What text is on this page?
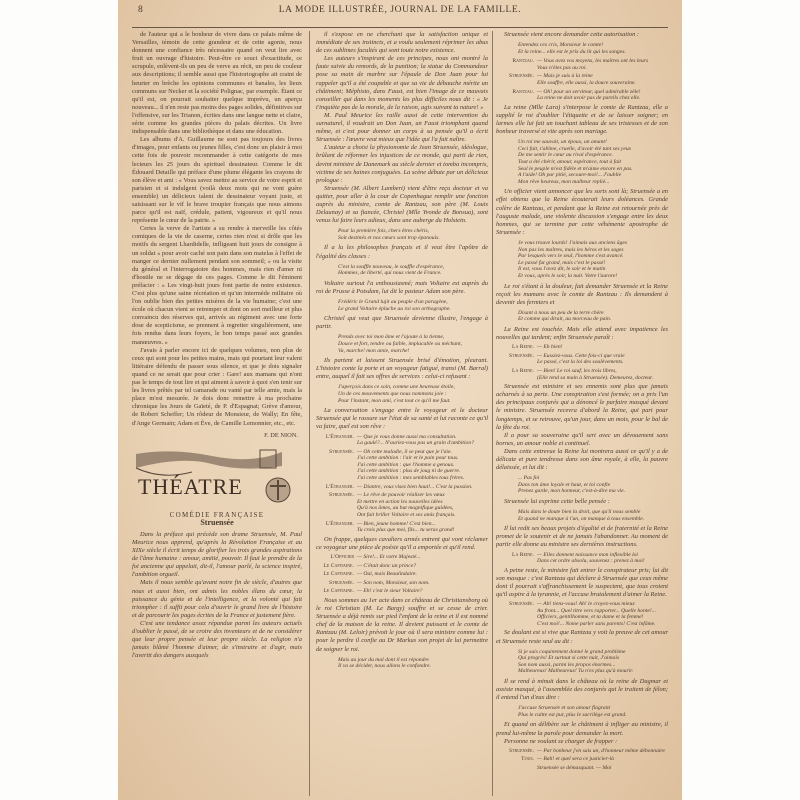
8	LA MODE ILLUSTRÉE, JOURNAL DE LA FAMILLE.

de l'auteur qui a le bonheur de vivre dans ce palais même de Versailles, témoin de cette grandeur et de cette agonie, nous donnent une confiance très nécessaire quand on veut lire avec fruit un ouvrage d'histoire. Peut-être ce souci d'exactitude, ce scrupule, enlèvent-ils un peu de verve au récit, un peu de couleur aux descriptions; il semble aussi que l'historiographe ait craint de heurter en brèche les opinions communes et banales, les lieux communs sur Necker et la société Polignac, par exemple. Étant ce qu'il est, on pourrait souhaiter quelque imprévu, un aperçu nouveau... il n'en reste pas moins des pages solides, définitives sur l'offensive, sur les Trianon, écrites dans une langue nette et claire, série comme les grandes pièces du palais décrites. Un livre indispensable dans une bibliothèque et dans une éducation.

Les albums d'A. Guillaume ne sont pas toujours des livres d'images, pour enfants ou jeunes filles, c'est donc un plaisir à moi cette fois de pouvoir recommander à cette catégorie de mes lecteurs les 25 jours du spirituel dessinateur. Comme le dit Édouard Detaille qui préface d'une plume élégante les crayons de son élève et ami : « Vous savez mettre au service de votre esprit et parisien et si indulgent (voilà deux mots qui ne vont guère ensemble) un délicieux talent de dessinateur voyant juste, et saisissant sur le vif le brave troupier français que nous aimons parce qu'il est naïf, crédule, patient, vigoureux et qu'il nous représente le cœur de la patrie. »

Certes la verve de l'artiste a su rendre à merveille les côtés comiques de la vie de caserne, certes rien n'est si drôle que les motifs du sergent Lhardidelle, infligeant huit jours de consigne à un soldat « pour avoir caché son pain dans son matelas à l'effet de manger ce dernier nullement pendant son sommeil; » ou la visite du général et l'interrogatoire des hommes, mais rien d'amer ni d'hostile ne se dégage de ces pages. Comme le dit l'éminent préfacier : « Les vingt-huit jours font partie de notre existence. C'est plus qu'une saine récréation et qu'un intermède militaire où l'on oublie bien des petites misères de la vie humaine; c'est une école où chacun vient se retremper et dont on sort meilleur et plus convaincu des réserves qui, arrivés au régiment avec une forte dose de scepticisme, se prennent à regretter singulièrement, une fois rendus dans leurs foyers, le bon temps passé aux grandes manœuvres. »

J'avais à parler encore ici de quelques volumes, non plus de ceux qui sont pour les petites mains, mais qui pourtant leur valent littéraire défendu de passer sous silence, et que je dois signaler quand ce ne serait que pour crier : Gare! aux mamans qui n'ont pas le temps de tout lire et qui aiment à savoir à quoi s'en tenir sur les livres prêtés par tel camarade ou vanté par telle amie, mais la place m'est mesurée. Je dois donc remettre à ma prochaine chronique les Jours de Gaïeté, de P. d'Espagnat; Grève d'amour, de Robert Scheffer; Un rôdeur de Monsieur, de Wally; En fête, d'Ange Germain; Adam et Ève, de Camille Lemonnier, etc., etc.

F. DE NION.

THÉATRE

COMÉDIE FRANÇAISE

Struensée

Dans la préface qui précède son drame Struensée, M. Paul Meurice nous apprend, qu'après la Révolution Française et au XIXe siècle il écrit temps de glorifier les trois grandes aspirations de l'âme humaine : amour, amitié, pouvoir. Il faut le prendre de la foi ancienne qui appelait, dit-il, l'amour parlé, la science inspiré, l'ambition orgueil.

Mais il nous semble qu'avant notre fin de siècle, d'autres que nous et aussi bien, ont admis les nobles élans du cœur, la puissance du génie et de l'intelligence, et la volonté qui fait triompher : il suffit pour cela d'ouvrir le grand livre de l'histoire et de parcourir les pages écrites de la France et justement fière.

C'est une tendance assez répandue parmi les auteurs actuels d'oublier le passé, de se croire des inventeurs et de ne considérer que leur propre pensée et leur propre siècle. La religion n'a jamais blâmé l'homme d'aimer, de s'instruire et d'agir, mais l'avertit des dangers auxquels

il s'expose en ne cherchant que la satisfaction unique et immédiate de ses instincts, et a voulu seulement réprimer les abus de ces sublimes facultés qui sont toute notre existence.

Les auteurs s'inspirant de ces principes, nous ont montré la faute suivie du remords, de la punition; la statue du Commandeur pose sa main de marbre sur l'épaule de Don Juan pour lui rappeler qu'il a été coupable et que sa vie de débauche mérite un châtiment; Méphisto, dans Faust, est bien l'image de ce mauvais conseiller qui dans les moments les plus difficiles nous dit : « Je t'inquiète pas de la morale, de la raison, agis suivant ta nature! »

M. Paul Meurice les raille aussi de cette intervention du surnaturel, il voudrait un Don Juan, un Faust triomphant quand même, et c'est pour donner un corps à sa pensée qu'il a écrit Struensée : l'œuvre veut mieux que l'idée qui l'a fait naître.

L'auteur a choisi la physionomie de Jean Struensée, idéologue, brûlant de réformer les injustices de ce monde, qui parti de rien, devint ministre de Danemark au siècle dernier et tomba incompris, victime de ses haines conjuguées. La scène débute par un délicieux prologue :

Struensée (M. Albert Lambert) vient d'être reçu docteur et va quitter, pour aller à la cour de Copenhague remplir une fonction auprès du ministre, comte de Rantzau, son père (M. Louis Delaunay) et sa fiancée, Christel (Mlle Yvonde de Bonsua), sont venus lui faire leurs adieux, dans une auberge du Holstein.

Pour la première fois, chers êtres chéris,
Soit destinés et nos cœurs sont trop épanouis.

Il a lu les philosophes français et il veut être l'apôtre de l'égalité des classes :

C'est la souffle nouveau, le souffle d'espérance,
Hommes, de liberté, qui nous vient de France.

Voltaire surtout l'a enthousiasmé; mais Voltaire est auprès du roi de Prusse à Potsdam, lui dit le pasteur Adam son père.

Frédéric le Grand lujit au peuple d'un paragène,
Le grand Voltaire épluche au roi son orthographe.

Christel qui veut que Struensée devienne illustre, l'engage à partir.

Prends avec toi mon âme et l'ajoute à la tienne,
Douce et fort, tendre ou faible, implacable ou méchant,
Va, marche! mon amie, marche!

Ils partent et laissent Struensée brisé d'émotion, pleurant. L'histoire conte la porte et un voyageur fatigué, transi (M. Barral) entre, auquel il fait ses offres de services : celui-ci refusant :

J'aperçois dans ce soin, comme une heureuse étoile,
Un de ces mouvements que nous nommons joie :
Pour l'instant, mon ami, c'est tout ce qu'il me faut.

La conversation s'engage entre le voyageur et le docteur Struensée qui le rassure sur l'état de sa santé et lui raconte ce qu'il va faire, quel est son rêve :

L'Étranger. — Que je vous donne aussi ma consultation.
La gaulé?... N'auriez-vous pas un grain d'ambition?
Struensée. — Oh cette maladie, il se peut que je l'aie.
J'ai cette ambition : l'air et le pain pour tous.
J'ai cette ambition : que l'homme a genoux.
J'ai cette ambition : plus de joug ni de guerre.
J'ai cette ambition : mes semblables tous frères.
L'Étranger. — Diantre, vous visez bien haut!... C'est la passion.
Struensée. — Le rêve de pouvoir réaliser les vœux
Et mettre en action les nouvelles idées
Qu'à nos âmes, au but magnifique guidées,
Ont fait briller Voltaire et ses amis français.
L'Étranger. — Bien, jeune homme! C'est bien...
Tu crois plus que moi, fils... tu seras grand!

On frappe, quelques cavaliers armés entrent qui vont réclamer ce voyageur une pièce de poésie qu'il a emportée et qu'il rend.

L'Officier — Sire!... Et votre Majesté...
Le Capitaine. — C'était donc un prince?
Le Capitaine. — Oui, mais Beaulindaire.
Struensée. — Son nom, Monsieur, son nom.
Le Capitaine. — Eh! c'est le sieur Voltaire?

Nous sommes au 1er acte dans ce château de Christiansborg où le roi Christian (M. Le Bargy) souffre et se cesse de crier. Struensée a déjà remis sur pied l'enfant de la reine et il est nommé chef de la maison de la reine. Il devient puissant et le comte de Rantzau (M. Leloir) prévoit le jour où il sera ministre comme lui : pour le perdre il confie au Dr Markus son projet de lui permettre de soigner le roi.

Mais au jour du mal dont il est répondre
Il va se décider, nous allons le confondre.

Struensée vient encore demander cette autorisation :

Entendez ces cris, Monsieur le comte!
Et la reine... elle est le prix du lit qui les songes.
Rantzau. — Vous avez vos moyens, les maîtres ont les leurs
Vous n'êtes pas au roi.
Struensée. — Mais je suis à la reine
Elle souffre, elle aussi, la douce souveraine.
Rantzau. — Oh! pour un serviteur, quel admirable zèle!
La reine ne doit avoir pas de pareils chez elle.

La reine (Mlle Lara) s'interpose le comte de Rantzau, elle a supplié le roi d'oublier l'étiquette et de se laisser soigner; en larmes elle lui fait un touchant tableau de ses tristesses et de son bonheur traversé et vite après son mariage.

Un roi me sauvait, un époux, un amant!
Ceci fait, t'abîme, cruelle, d'avoir été tant ses yeux
De me sentir le cœur au rival d'espérance.
Tout a été chérir, amour, espérance, tout à fait
Seul le peuple m'est fidèle et m'aime encore en pas.
A l'aide! Oh par pitié, secoure-moi!... J'oublie
Mon rêve heureux, mon malheur replié...

Un officier vient annoncer que les sorts sont là; Struensée a en effet obtenu que la Reine écouterait leurs doléances. Grande colère de Rantzau, et pendant que la Reine est retournée près de l'auguste malade, une violente discussion s'engage entre les deux hommes, qui se termine par cette véhémente apostrophe de Struensée :

Je vous trouve lourds! J'aimais aux anciens âges
Non pas les maîtres, mais les héros et les sages
Par lesquels vers le seul, l'homme s'est avancé.
Le passé fut grand, mais c'est le passé!
Il est, vous l'avez dit, le soir et le matin
Et vous, après le soir, la nuit. Votre l'aurore!

Le roi s'étant à la douleur, fait demander Struensée et la Reine reçoit les mamans avec le comte de Rantzau : Ils demandent à devenir des fermiers et

Disant à nous un peu de la terre chère
Et comme qui dirait, au morceau de pain.

La Reine est touchée. Mais elle attend avec impatience les nouvelles qui tardent; enfin Struensée paraît :

La Reine. — Eh bien!
Struensée. — Eussiez-vous. Cette fois-ci que vraie
Le passé, c'est la loi des soulèvements.
La Reine. — Bien! Le roi sauf, les trois libres,
(Elle tend sa main à Struensée). Demeurez, docteur.

Struensée est ministre et ses ennemis sont plus que jamais acharnés à sa perte. Une conspiration s'est formée; on a pris l'un des principaux conjurés qui a dénoncé le parfaire masqué devant le ministre. Struensée recevra d'abord la Reine, qui part pour longtemps, et se retrouve, qu'un jour, dans un mois, pour le bal de la fête du roi.

Il a pour sa souveraine qu'il sert avec un dévouement sans bornes, un amour noble et continuel.

Dans cette entrevue la Reine lui montrera aussi ce qu'il y a de délicate et pure tendresse dans son âme royale, à elle, la pauvre délaissée, et lui dit :

... Pas foi
Dans ton âme loyale et haut, et loi confie
Prenez garde, mon honneur, c'est-à-dire ma vie.

Struensée lui exprime cette belle pensée :

Mais dans le doute bien la droit, que qu'il nous semble
Et quand ne manque à l'un, on manque à tous ensemble.

Il lui redit ses beaux projets d'égalité et de fraternité et la Reine promet de le soutenir et de ne jamais l'abandonner. Au moment de partir elle donne au ministre ses dernières instructions.

La Reine. — Elles donnent naissance mon inflexible loi
Dans cet ordre absolu, souvenez : prenez à moi!

A peine reste, le ministre fait entrer le conspirateur pris; lui dit son masque : c'est Rantzau qui déclare à Struensée que ceux même dont il pourrait s'affranchissement le suspectent, que tous croient qu'il aspire à la tyrannie, et l'accuse brutalement d'aimer la Reine.

Struensée. — Ah! tiens-vous! Ah! le croyez-vous mieux
Au front... Quel titre vers rapporter... Quelle honte!...
Officiers, gentilhomme, et ta dame et la femme!
C'est moi!... Nome parler sans parents! C'est infâme.

Se doulant est si vive que Rantzau y voit la preuve de cet amour et Struensée reste seul au dit :

Si je suis coquinement donné le grand problème
Qui progrès! Et surtout si cette nuit, J'aimais
Son nom aussi, parmi les propos énormes...
Malheureux! Malheureux! Tu n'es plus qu'à mourir.

Il se rend à minuit dans le château où la reine de Dagmar et assiste masqué, à l'assemblée des conjurés qui le traitent de félon; il entend l'un d'eux dire :

J'accuse Struensée et son amour flagrant
Plus le cultte est pur, plus le sacrilège est grand.

Et quand on délibère sur le châtiment à infliger au ministre, il prend lui-même la parole pour demander la mort.

Personne ne voulant se charger de frapper :

Struensée. — Par bonheur j'en sais un, d'honneur même débonnaire
Tous. — Bah! et quel sera ce justicier-là
Struensée se démasquant. — Moi
